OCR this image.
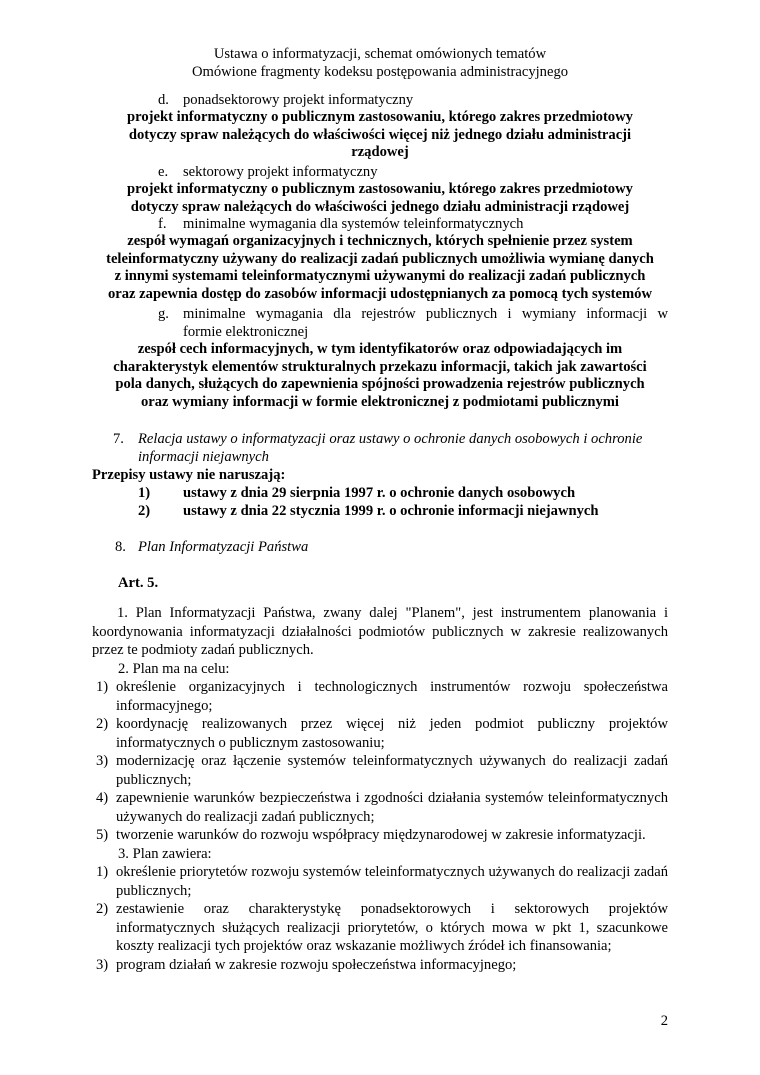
Ustawa o informatyzacji, schemat omówionych tematów
Omówione fragmenty kodeksu postępowania administracyjnego
d. ponadsektorowy projekt informatyczny
projekt informatyczny o publicznym zastosowaniu, którego zakres przedmiotowy
dotyczy spraw należących do właściwości więcej niż jednego działu administracji
rządowej
e. sektorowy projekt informatyczny
projekt informatyczny o publicznym zastosowaniu, którego zakres przedmiotowy
dotyczy spraw należących do właściwości jednego działu administracji rządowej
f. minimalne wymagania dla systemów teleinformatycznych
zespół wymagań organizacyjnych i technicznych, których spełnienie przez system
teleinformatyczny używany do realizacji zadań publicznych umożliwia wymianę danych
z innymi systemami teleinformatycznymi używanymi do realizacji zadań publicznych
oraz zapewnia dostęp do zasobów informacji udostępnianych za pomocą tych systemów
g. minimalne wymagania dla rejestrów publicznych i wymiany informacji w
formie elektronicznej
zespół cech informacyjnych, w tym identyfikatorów oraz odpowiadających im
charakterystyk elementów strukturalnych przekazu informacji, takich jak zawartości
pola danych, służących do zapewnienia spójności prowadzenia rejestrów publicznych
oraz wymiany informacji w formie elektronicznej z podmiotami publicznymi
7. Relacja ustawy o informatyzacji oraz ustawy o ochronie danych osobowych i ochronie
informacji niejawnych
Przepisy ustawy nie naruszają:
1) ustawy z dnia 29 sierpnia 1997 r. o ochronie danych osobowych
2) ustawy z dnia 22 stycznia 1999 r. o ochronie informacji niejawnych
8. Plan Informatyzacji Państwa
Art. 5.
1. Plan Informatyzacji Państwa, zwany dalej "Planem", jest instrumentem planowania i koordynowania informatyzacji działalności podmiotów publicznych w zakresie realizowanych przez te podmioty zadań publicznych.
2. Plan ma na celu:
1) określenie organizacyjnych i technologicznych instrumentów rozwoju społeczeństwa informacyjnego;
2) koordynację realizowanych przez więcej niż jeden podmiot publiczny projektów informatycznych o publicznym zastosowaniu;
3) modernizację oraz łączenie systemów teleinformatycznych używanych do realizacji zadań publicznych;
4) zapewnienie warunków bezpieczeństwa i zgodności działania systemów teleinformatycznych używanych do realizacji zadań publicznych;
5) tworzenie warunków do rozwoju współpracy międzynarodowej w zakresie informatyzacji.
3. Plan zawiera:
1) określenie priorytetów rozwoju systemów teleinformatycznych używanych do realizacji zadań publicznych;
2) zestawienie oraz charakterystykę ponadsektorowych i sektorowych projektów informatycznych służących realizacji priorytetów, o których mowa w pkt 1, szacunkowe koszty realizacji tych projektów oraz wskazanie możliwych źródeł ich finansowania;
3) program działań w zakresie rozwoju społeczeństwa informacyjnego;
2
